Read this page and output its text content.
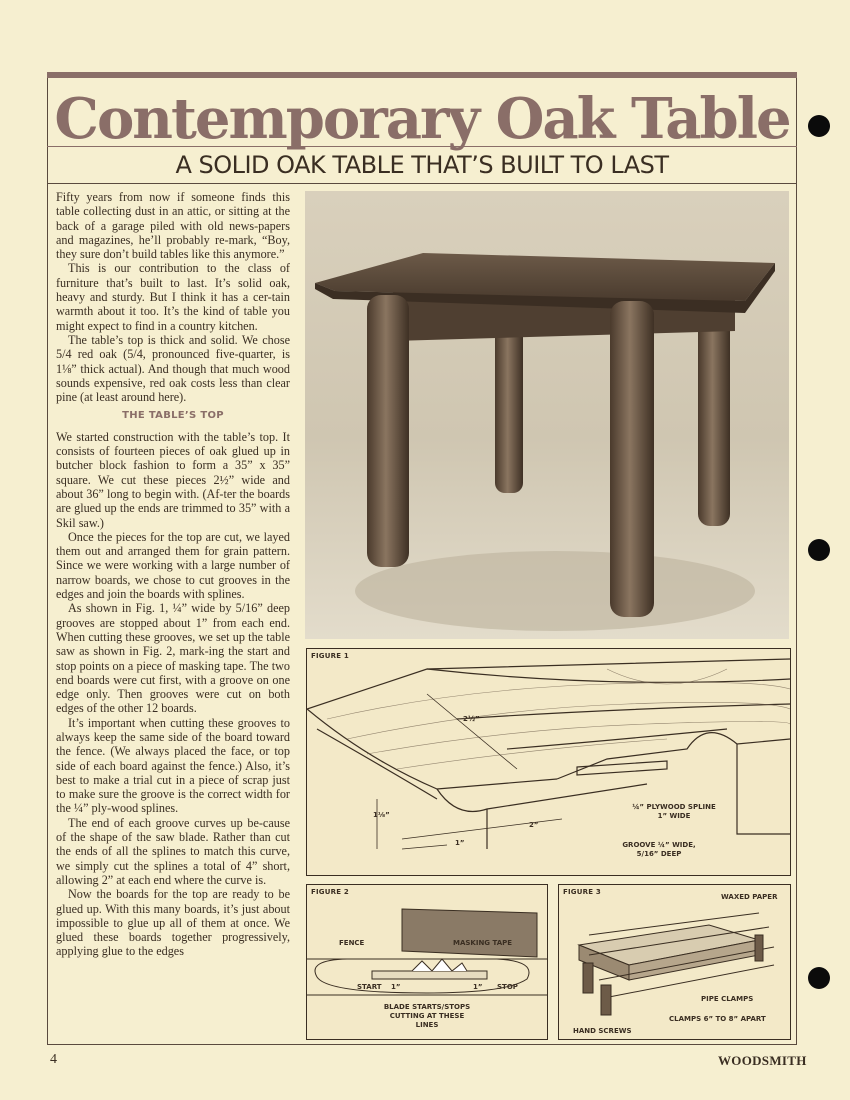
Contemporary Oak Table
A SOLID OAK TABLE THAT’S BUILT TO LAST

Fifty years from now if someone finds this table collecting dust in an attic, or sitting at the back of a garage piled with old news-papers and magazines, he’ll probably re-mark, “Boy, they sure don’t build tables like this anymore.”

This is our contribution to the class of furniture that’s built to last. It’s solid oak, heavy and sturdy. But I think it has a cer-tain warmth about it too. It’s the kind of table you might expect to find in a country kitchen.

The table’s top is thick and solid. We chose 5/4 red oak (5/4, pronounced five-quarter, is 1⅛” thick actual). And though that much wood sounds expensive, red oak costs less than clear pine (at least around here).

THE TABLE’S TOP

We started construction with the table’s top. It consists of fourteen pieces of oak glued up in butcher block fashion to form a 35” x 35” square. We cut these pieces 2½” wide and about 36” long to begin with. (Af-ter the boards are glued up the ends are trimmed to 35” with a Skil saw.)

Once the pieces for the top are cut, we layed them out and arranged them for grain pattern. Since we were working with a large number of narrow boards, we chose to cut grooves in the edges and join the boards with splines.

As shown in Fig. 1, ¼” wide by 5/16” deep grooves are stopped about 1” from each end. When cutting these grooves, we set up the table saw as shown in Fig. 2, mark-ing the start and stop points on a piece of masking tape. The two end boards were cut first, with a groove on one edge only. Then grooves were cut on both edges of the other 12 boards.

It’s important when cutting these grooves to always keep the same side of the board toward the fence. (We always placed the face, or top side of each board against the fence.) Also, it’s best to make a trial cut in a piece of scrap just to make sure the groove is the correct width for the ¼” ply-wood splines.

The end of each groove curves up be-cause of the shape of the saw blade. Rather than cut the ends of all the splines to match this curve, we simply cut the splines a total of 4” short, allowing 2” at each end where the curve is.

Now the boards for the top are ready to be glued up. With this many boards, it’s just about impossible to glue up all of them at once. We glued these boards together progressively, applying glue to the edges

FIGURE 1
2½”
1⅛”
2”
1”
¼” PLYWOOD SPLINE
1” WIDE
GROOVE ¼” WIDE,
5/16” DEEP
FIGURE 2
FENCE	MASKING TAPE
START 1”	1” STOP
BLADE STARTS/STOPS
CUTTING AT THESE
LINES
FIGURE 3
WAXED PAPER
PIPE CLAMPS
CLAMPS 6” TO 8” APART
HAND SCREWS
4	WOODSMITH
